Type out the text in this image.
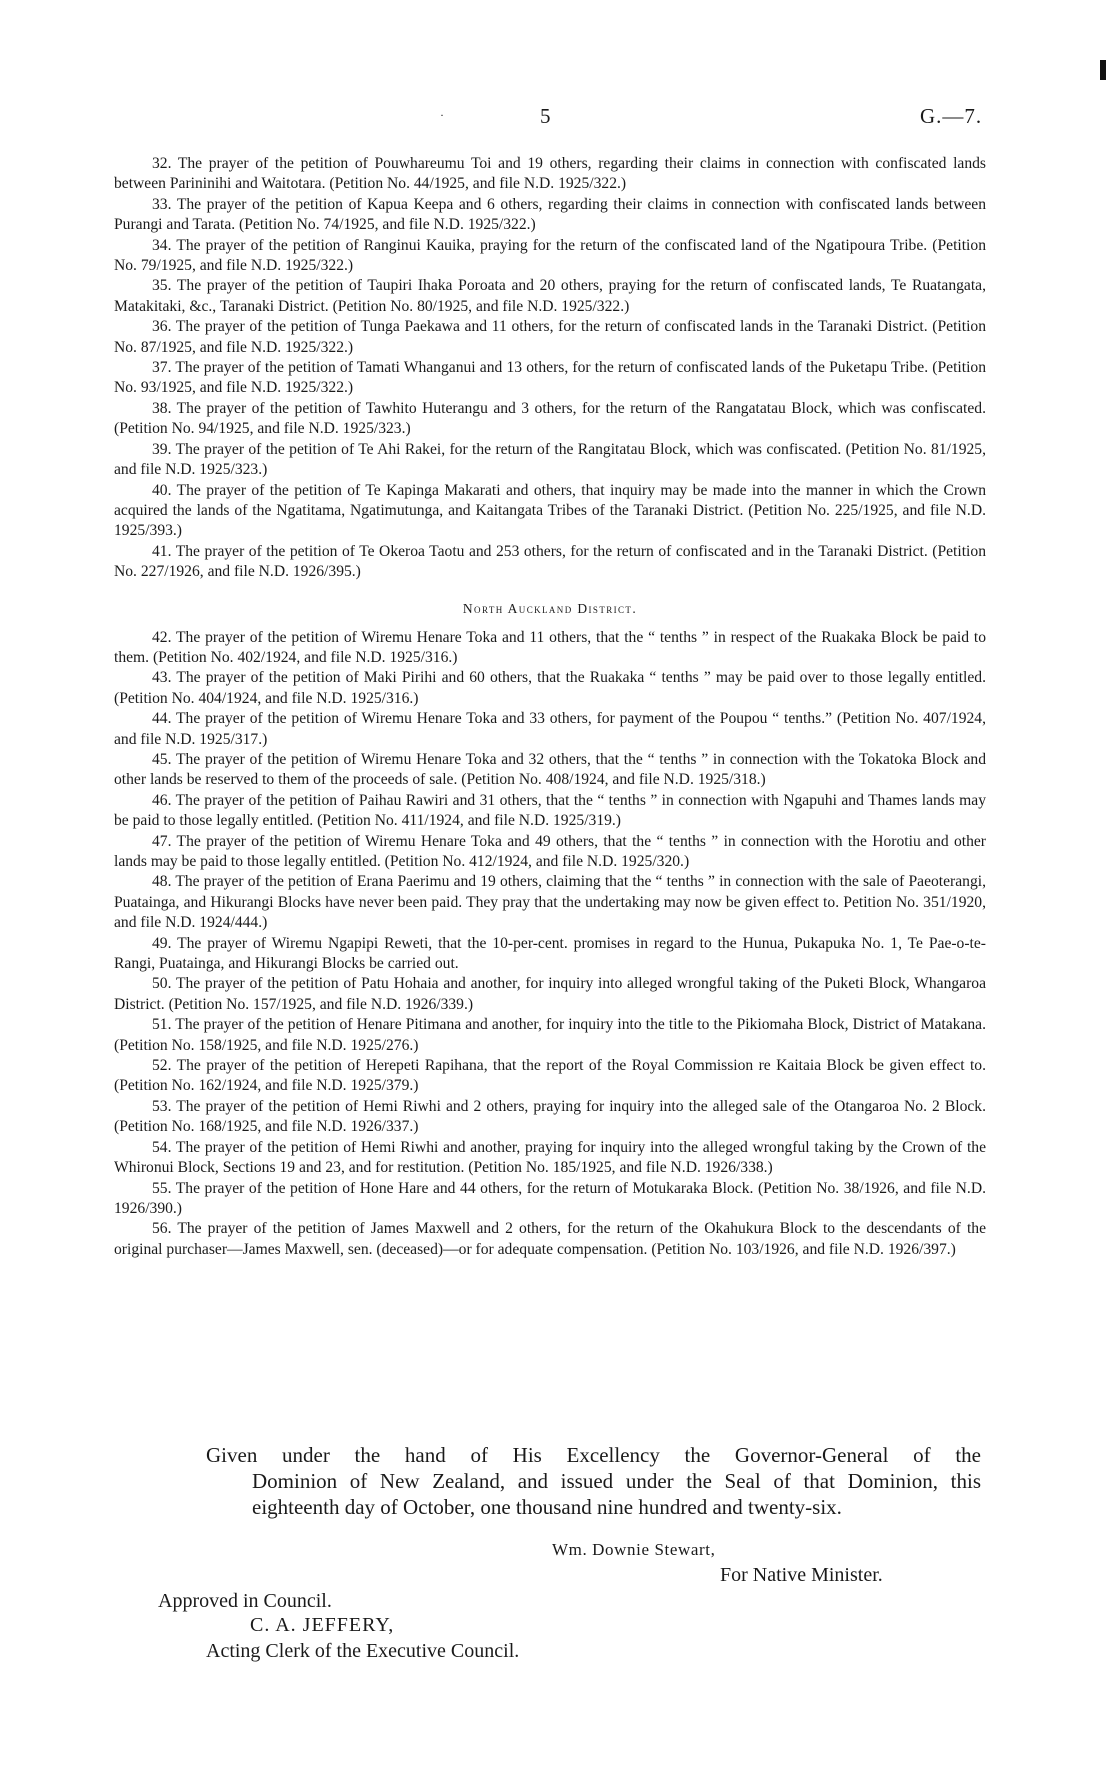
·	5	G.—7.

32. The prayer of the petition of Pouwhareumu Toi and 19 others, regarding their claims in connection with confiscated lands between Parininihi and Waitotara. (Petition No. 44/1925, and file N.D. 1925/322.)

33. The prayer of the petition of Kapua Keepa and 6 others, regarding their claims in connection with confiscated lands between Purangi and Tarata. (Petition No. 74/1925, and file N.D. 1925/322.)

34. The prayer of the petition of Ranginui Kauika, praying for the return of the confiscated land of the Ngatipoura Tribe. (Petition No. 79/1925, and file N.D. 1925/322.)

35. The prayer of the petition of Taupiri Ihaka Poroata and 20 others, praying for the return of confiscated lands, Te Ruatangata, Matakitaki, &c., Taranaki District. (Petition No. 80/1925, and file N.D. 1925/322.)

36. The prayer of the petition of Tunga Paekawa and 11 others, for the return of confiscated lands in the Taranaki District. (Petition No. 87/1925, and file N.D. 1925/322.)

37. The prayer of the petition of Tamati Whanganui and 13 others, for the return of confiscated lands of the Puketapu Tribe. (Petition No. 93/1925, and file N.D. 1925/322.)

38. The prayer of the petition of Tawhito Huterangu and 3 others, for the return of the Rangatatau Block, which was confiscated. (Petition No. 94/1925, and file N.D. 1925/323.)

39. The prayer of the petition of Te Ahi Rakei, for the return of the Rangitatau Block, which was confiscated. (Petition No. 81/1925, and file N.D. 1925/323.)

40. The prayer of the petition of Te Kapinga Makarati and others, that inquiry may be made into the manner in which the Crown acquired the lands of the Ngatitama, Ngatimutunga, and Kaitangata Tribes of the Taranaki District. (Petition No. 225/1925, and file N.D. 1925/393.)

41. The prayer of the petition of Te Okeroa Taotu and 253 others, for the return of confiscated and in the Taranaki District. (Petition No. 227/1926, and file N.D. 1926/395.)

North Auckland District.

42. The prayer of the petition of Wiremu Henare Toka and 11 others, that the “ tenths ” in respect of the Ruakaka Block be paid to them. (Petition No. 402/1924, and file N.D. 1925/316.)

43. The prayer of the petition of Maki Pirihi and 60 others, that the Ruakaka “ tenths ” may be paid over to those legally entitled. (Petition No. 404/1924, and file N.D. 1925/316.)

44. The prayer of the petition of Wiremu Henare Toka and 33 others, for payment of the Poupou “ tenths.” (Petition No. 407/1924, and file N.D. 1925/317.)

45. The prayer of the petition of Wiremu Henare Toka and 32 others, that the “ tenths ” in connection with the Tokatoka Block and other lands be reserved to them of the proceeds of sale. (Petition No. 408/1924, and file N.D. 1925/318.)

46. The prayer of the petition of Paihau Rawiri and 31 others, that the “ tenths ” in connection with Ngapuhi and Thames lands may be paid to those legally entitled. (Petition No. 411/1924, and file N.D. 1925/319.)

47. The prayer of the petition of Wiremu Henare Toka and 49 others, that the “ tenths ” in connection with the Horotiu and other lands may be paid to those legally entitled. (Petition No. 412/1924, and file N.D. 1925/320.)

48. The prayer of the petition of Erana Paerimu and 19 others, claiming that the “ tenths ” in connection with the sale of Paeoterangi, Puatainga, and Hikurangi Blocks have never been paid. They pray that the undertaking may now be given effect to. Petition No. 351/1920, and file N.D. 1924/444.)

49. The prayer of Wiremu Ngapipi Reweti, that the 10-per-cent. promises in regard to the Hunua, Pukapuka No. 1, Te Pae-o-te-Rangi, Puatainga, and Hikurangi Blocks be carried out.

50. The prayer of the petition of Patu Hohaia and another, for inquiry into alleged wrongful taking of the Puketi Block, Whangaroa District. (Petition No. 157/1925, and file N.D. 1926/339.)

51. The prayer of the petition of Henare Pitimana and another, for inquiry into the title to the Pikiomaha Block, District of Matakana. (Petition No. 158/1925, and file N.D. 1925/276.)

52. The prayer of the petition of Herepeti Rapihana, that the report of the Royal Commission re Kaitaia Block be given effect to. (Petition No. 162/1924, and file N.D. 1925/379.)

53. The prayer of the petition of Hemi Riwhi and 2 others, praying for inquiry into the alleged sale of the Otangaroa No. 2 Block. (Petition No. 168/1925, and file N.D. 1926/337.)

54. The prayer of the petition of Hemi Riwhi and another, praying for inquiry into the alleged wrongful taking by the Crown of the Whironui Block, Sections 19 and 23, and for restitution. (Petition No. 185/1925, and file N.D. 1926/338.)

55. The prayer of the petition of Hone Hare and 44 others, for the return of Motukaraka Block. (Petition No. 38/1926, and file N.D. 1926/390.)

56. The prayer of the petition of James Maxwell and 2 others, for the return of the Okahukura Block to the descendants of the original purchaser—James Maxwell, sen. (deceased)—or for adequate compensation. (Petition No. 103/1926, and file N.D. 1926/397.)

Given under the hand of His Excellency the Governor-General of the
Dominion of New Zealand, and issued under the Seal of that Dominion, this eighteenth day of October, one thousand nine hundred and twenty-six.
Wm. Downie Stewart,
For Native Minister.
Approved in Council.
C. A. JEFFERY,
Acting Clerk of the Executive Council.
